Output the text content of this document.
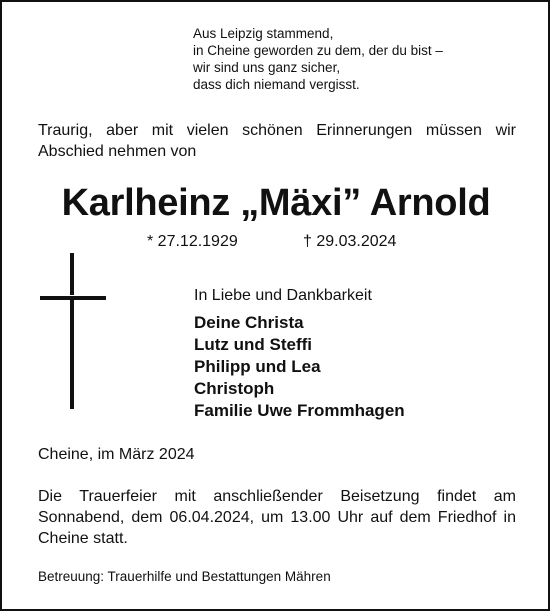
Aus Leipzig stammend,
in Cheine geworden zu dem, der du bist –
wir sind uns ganz sicher,
dass dich niemand vergisst.
Traurig, aber mit vielen schönen Erinnerungen müssen wir Abschied nehmen von
Karlheinz „Mäxi” Arnold
* 27.12.1929	† 29.03.2024
In Liebe und Dankbarkeit
Deine Christa
Lutz und Steffi
Philipp und Lea
Christoph
Familie Uwe Frommhagen
Cheine, im März 2024
Die Trauerfeier mit anschließender Beisetzung findet am Sonnabend, dem 06.04.2024, um 13.00 Uhr auf dem Friedhof in Cheine statt.
Betreuung: Trauerhilfe und Bestattungen Mähren
